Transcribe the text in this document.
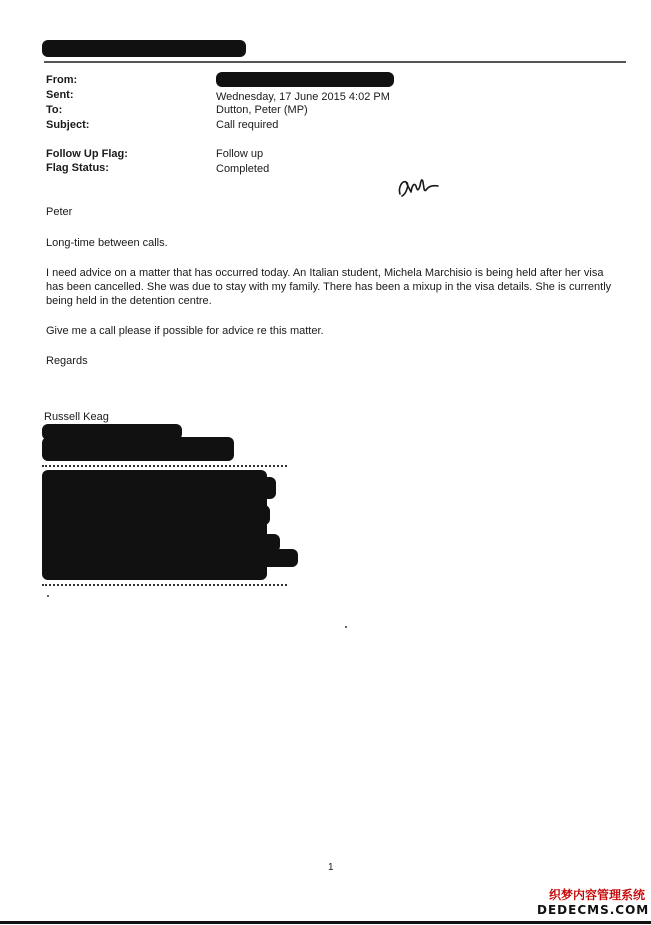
From:
Sent:	Wednesday, 17 June 2015 4:02 PM
To:	Dutton, Peter (MP)
Subject:	Call required
Follow Up Flag:	Follow up
Flag Status:	Completed
Peter
Long-time between calls.
I need advice on a matter that has occurred today. An Italian student, Michela Marchisio is being held after her visa
has been cancelled. She was due to stay with my family. There has been a mixup in the visa details. She is currently
being held in the detention centre.
Give me a call please if possible for advice re this matter.
Regards
Russell Keag
1
织梦内容管理系统
DEDECMS.COM
